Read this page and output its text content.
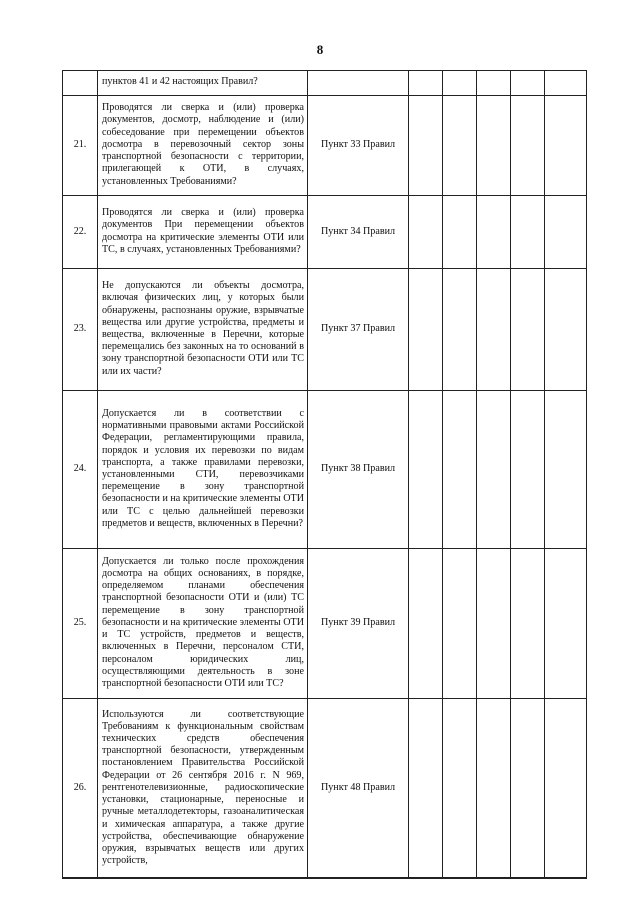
8
	пунктов 41 и 42 настоящих Правил?						
21.	Проводятся ли сверка и (или) проверка документов, досмотр, наблюдение и (или) собеседование при перемещении объектов досмотра в перевозочный сектор зоны транспортной безопасности с территории, прилегающей к ОТИ, в случаях, установленных Требованиями?	Пункт 33 Правил					
22.	Проводятся ли сверка и (или) проверка документов При перемещении объектов досмотра на критические элементы ОТИ или ТС, в случаях, установленных Требованиями?	Пункт 34 Правил					
23.	Не допускаются ли объекты досмотра, включая физических лиц, у которых были обнаружены, распознаны оружие, взрывчатые вещества или другие устройства, предметы и вещества, включенные в Перечни, которые перемещались без законных на то оснований в зону транспортной безопасности ОТИ или ТС или их части?	Пункт 37 Правил					
24.	Допускается ли в соответствии с нормативными правовыми актами Российской Федерации, регламентирующими правила, порядок и условия их перевозки по видам транспорта, а также правилами перевозки, установленными СТИ, перевозчиками перемещение в зону транспортной безопасности и на критические элементы ОТИ или ТС с целью дальнейшей перевозки предметов и веществ, включенных в Перечни?	Пункт 38 Правил					
25.	Допускается ли только после прохождения досмотра на общих основаниях, в порядке, определяемом планами обеспечения транспортной безопасности ОТИ и (или) ТС перемещение в зону транспортной безопасности и на критические элементы ОТИ и ТС устройств, предметов и веществ, включенных в Перечни, персоналом СТИ, персоналом юридических лиц, осуществляющими деятельность в зоне транспортной безопасности ОТИ или ТС?	Пункт 39 Правил					
26.	Используются ли соответствующие Требованиям к функциональным свойствам технических средств обеспечения транспортной безопасности, утвержденным постановлением Правительства Российской Федерации от 26 сентября 2016 г. N 969, рентгенотелевизионные, радиоскопические установки, стационарные, переносные и ручные металлодетекторы, газоаналитическая и химическая аппаратура, а также другие устройства, обеспечивающие обнаружение оружия, взрывчатых веществ или других устройств,	Пункт 48 Правил					
